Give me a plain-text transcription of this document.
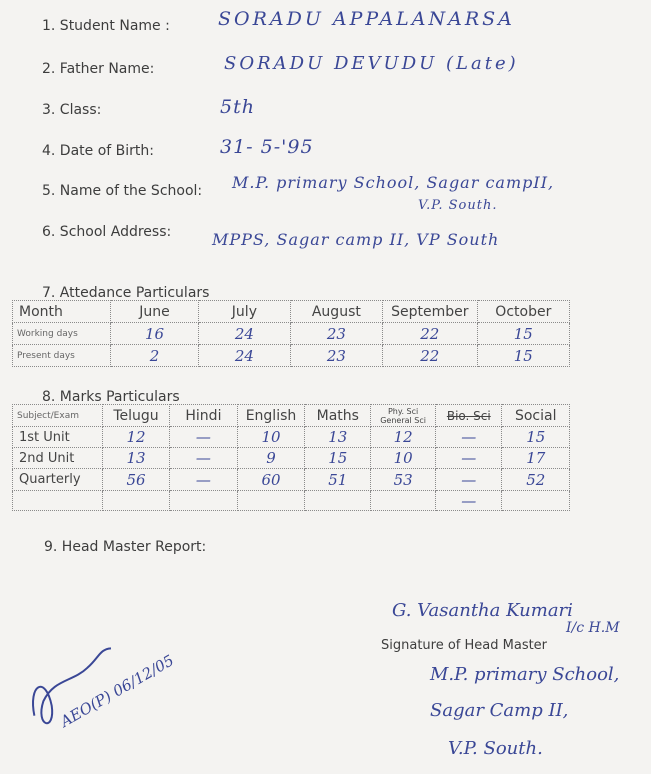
1. Student Name :	SORADU APPALANARSA
2. Father Name:	SORADU DEVUDU (Late)
3. Class:	5th
4. Date of Birth:	31- 5-'95
5. Name of the School: M.P. primary School, Sagar campII,
V.P. South.
6. School Address:	MPPS, Sagar camp II, VP South
7. Attedance Particulars
Month	June	July	August	September	October
Working days	16	24	23	22	15
Present days	2	24	23	22	15
8. Marks Particulars
Subject/Exam	Telugu	Hindi	English	Maths	Phy. Sci General Sci	Bio. Sci	Social
1st Unit	12	—	10	13	12	—	15
2nd Unit	13	—	9	15	10	—	17
Quarterly	56	—	60	51	53	—	52
						—	
9. Head Master Report:
G. Vasantha Kumari
Signature of Head Master
I/c H.M
M.P. primary School,
Sagar Camp II,
V.P. South.
AEO(P) 06/12/05
